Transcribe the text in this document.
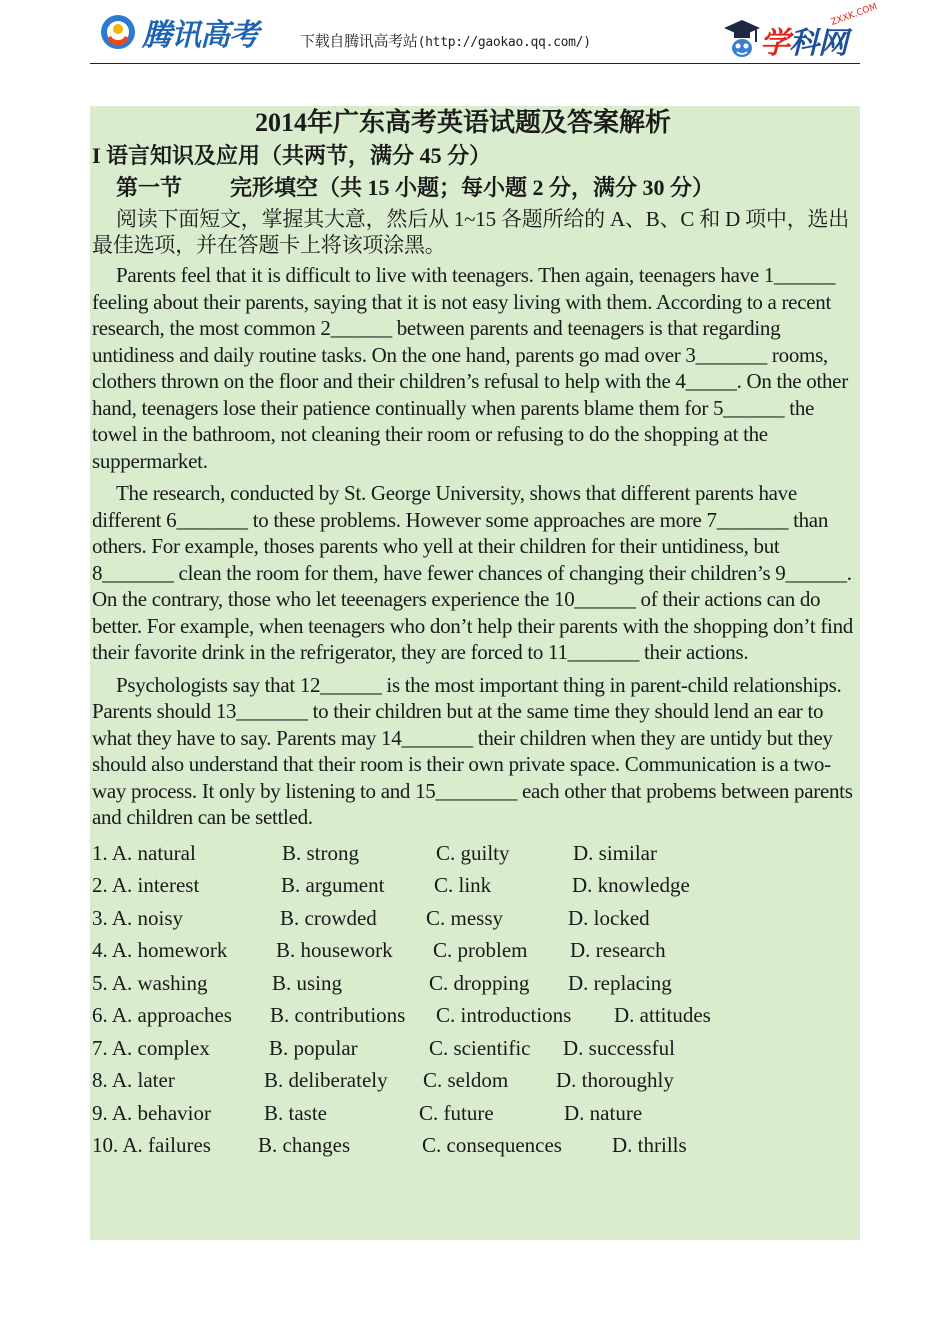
腾讯高考	下载自腾讯高考站(http://gaokao.qq.com/)	学科网
ZXXK.COM

2014年广东高考英语试题及答案解析

I 语言知识及应用（共两节，满分 45 分）

第一节 完形填空（共 15 小题；每小题 2 分，满分 30 分）

阅读下面短文，掌握其大意，然后从 1~15 各题所给的 A、B、C 和 D 项中，选出最佳选项，并在答题卡上将该项涂黑。

Parents feel that it is difficult to live with teenagers. Then again, teenagers have 1______ feeling about their parents, saying that it is not easy living with them. According to a recent research, the most common 2______ between parents and teenagers is that regarding untidiness and daily routine tasks. On the one hand, parents go mad over 3_______ rooms, clothers thrown on the floor and their children’s refusal to help with the 4_____. On the other hand, teenagers lose their patience continually when parents blame them for 5______ the towel in the bathroom, not cleaning their room or refusing to do the shopping at the suppermarket.

The research, conducted by St. George University, shows that different parents have different 6_______ to these problems. However some approaches are more 7_______ than others. For example, thoses parents who yell at their children for their untidiness, but 8_______ clean the room for them, have fewer chances of changing their children’s 9______. On the contrary, those who let teeenagers experience the 10______ of their actions can do better. For example, when teenagers who don’t help their parents with the shopping don’t find their favorite drink in the refrigerator, they are forced to 11_______ their actions.

Psychologists say that 12______ is the most important thing in parent-child relationships. Parents should 13_______ to their children but at the same time they should lend an ear to what they have to say. Parents may 14_______ their children when they are untidy but they should also understand that their room is their own private space. Communication is a two-way process. It only by listening to and 15________ each other that probems between parents and children can be settled.

1. A. natural	B. strong	C. guilty	D. similar
2. A. interest	B. argument C. link	D. knowledge
3. A. noisy	B. crowded C. messy	D. locked
4. A. homework B. housework C. problem D. research
5. A. washing	B. using	C. dropping D. replacing
6. A. approaches B. contributions C. introductions D. attitudes
7. A. complex	B. popular	C. scientific D. successful
8. A. later	B. deliberately C. seldom D. thoroughly
9. A. behavior	B. taste	C. future	D. nature
10. A. failures B. changes	C. consequences D. thrills
